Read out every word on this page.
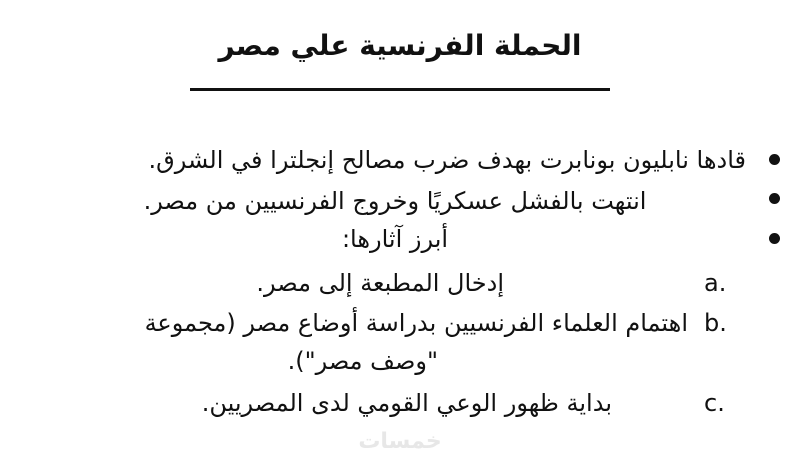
الحملة الفرنسية علي مصر
قادها نابليون بونابرت بهدف ضرب مصالح إنجلترا في الشرق.
انتهت بالفشل عسكريًا وخروج الفرنسيين من مصر.
أبرز آثارها:
a.
إدخال المطبعة إلى مصر.
b.
اهتمام العلماء الفرنسيين بدراسة أوضاع مصر (مجموعة
"وصف مصر").
c.
بداية ظهور الوعي القومي لدى المصريين.
خمسات
